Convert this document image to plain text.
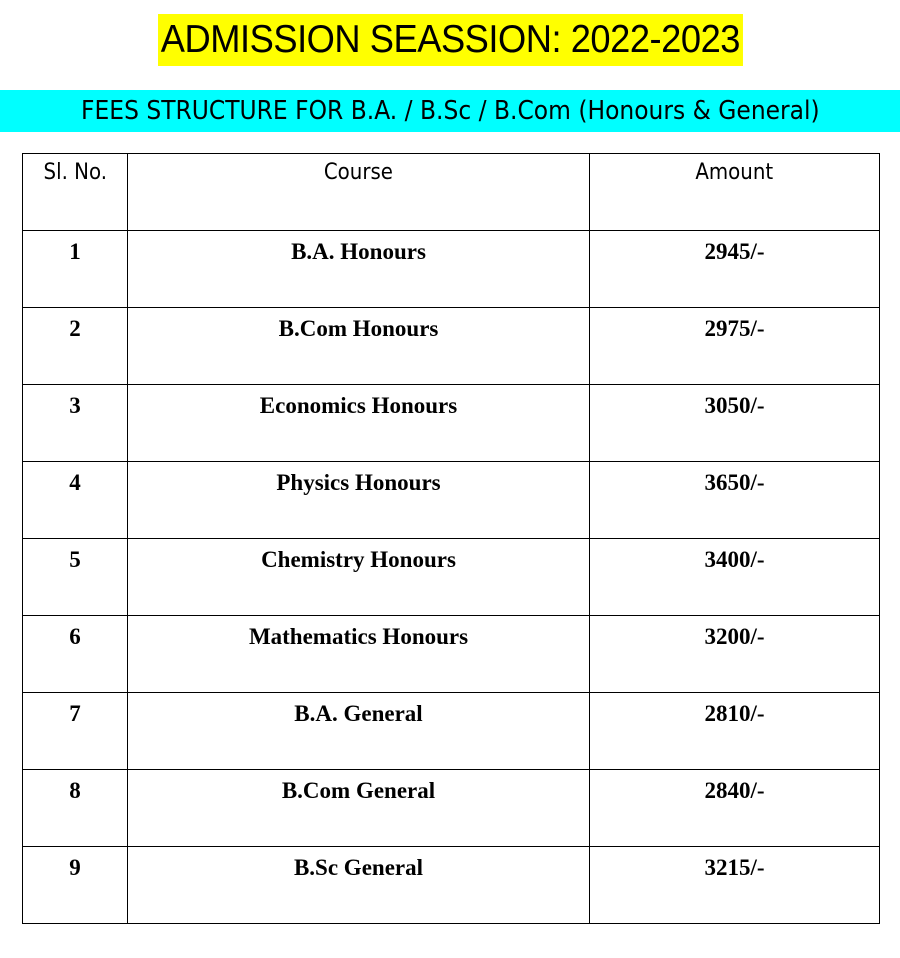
ADMISSION SEASSION: 2022-2023
FEES STRUCTURE FOR B.A. / B.Sc / B.Com (Honours & General)
Sl. No.	Course	Amount
1	B.A. Honours	2945/-
2	B.Com Honours	2975/-
3	Economics Honours	3050/-
4	Physics Honours	3650/-
5	Chemistry Honours	3400/-
6	Mathematics Honours	3200/-
7	B.A. General	2810/-
8	B.Com General	2840/-
9	B.Sc General	3215/-
